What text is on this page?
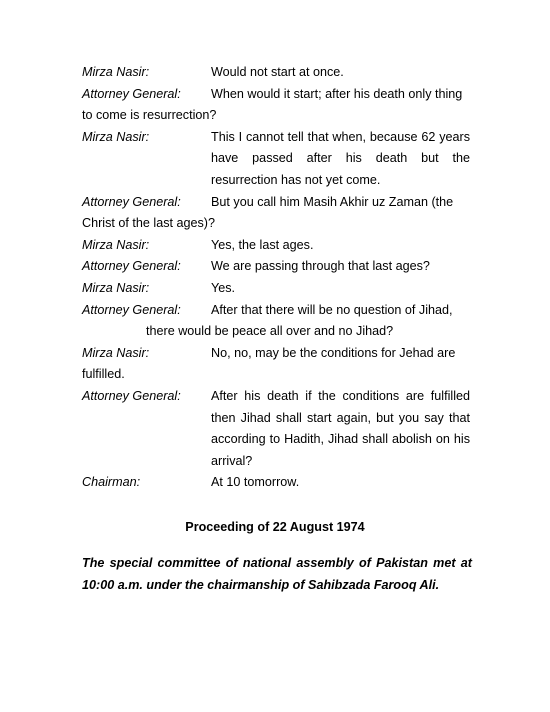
Mirza Nasir:	Would not start at once.
Attorney General:	When would it start; after his death only thing
to come is resurrection?
Mirza Nasir:	This I cannot tell that when, because 62 years have passed after his death but the resurrection has not yet come.
Attorney General:	But you call him Masih Akhir uz Zaman (the
Christ of the last ages)?
Mirza Nasir:	Yes, the last ages.
Attorney General:	We are passing through that last ages?
Mirza Nasir:	Yes.
Attorney General:	After that there will be no question of Jihad,
there would be peace all over and no Jihad?
Mirza Nasir:	No, no, may be the conditions for Jehad are
fulfilled.
Attorney General:	After his death if the conditions are fulfilled then Jihad shall start again, but you say that according to Hadith, Jihad shall abolish on his arrival?
Chairman:	At 10 tomorrow.
Proceeding of 22 August 1974
The special committee of national assembly of Pakistan met at 10:00 a.m. under the chairmanship of Sahibzada Farooq Ali.
